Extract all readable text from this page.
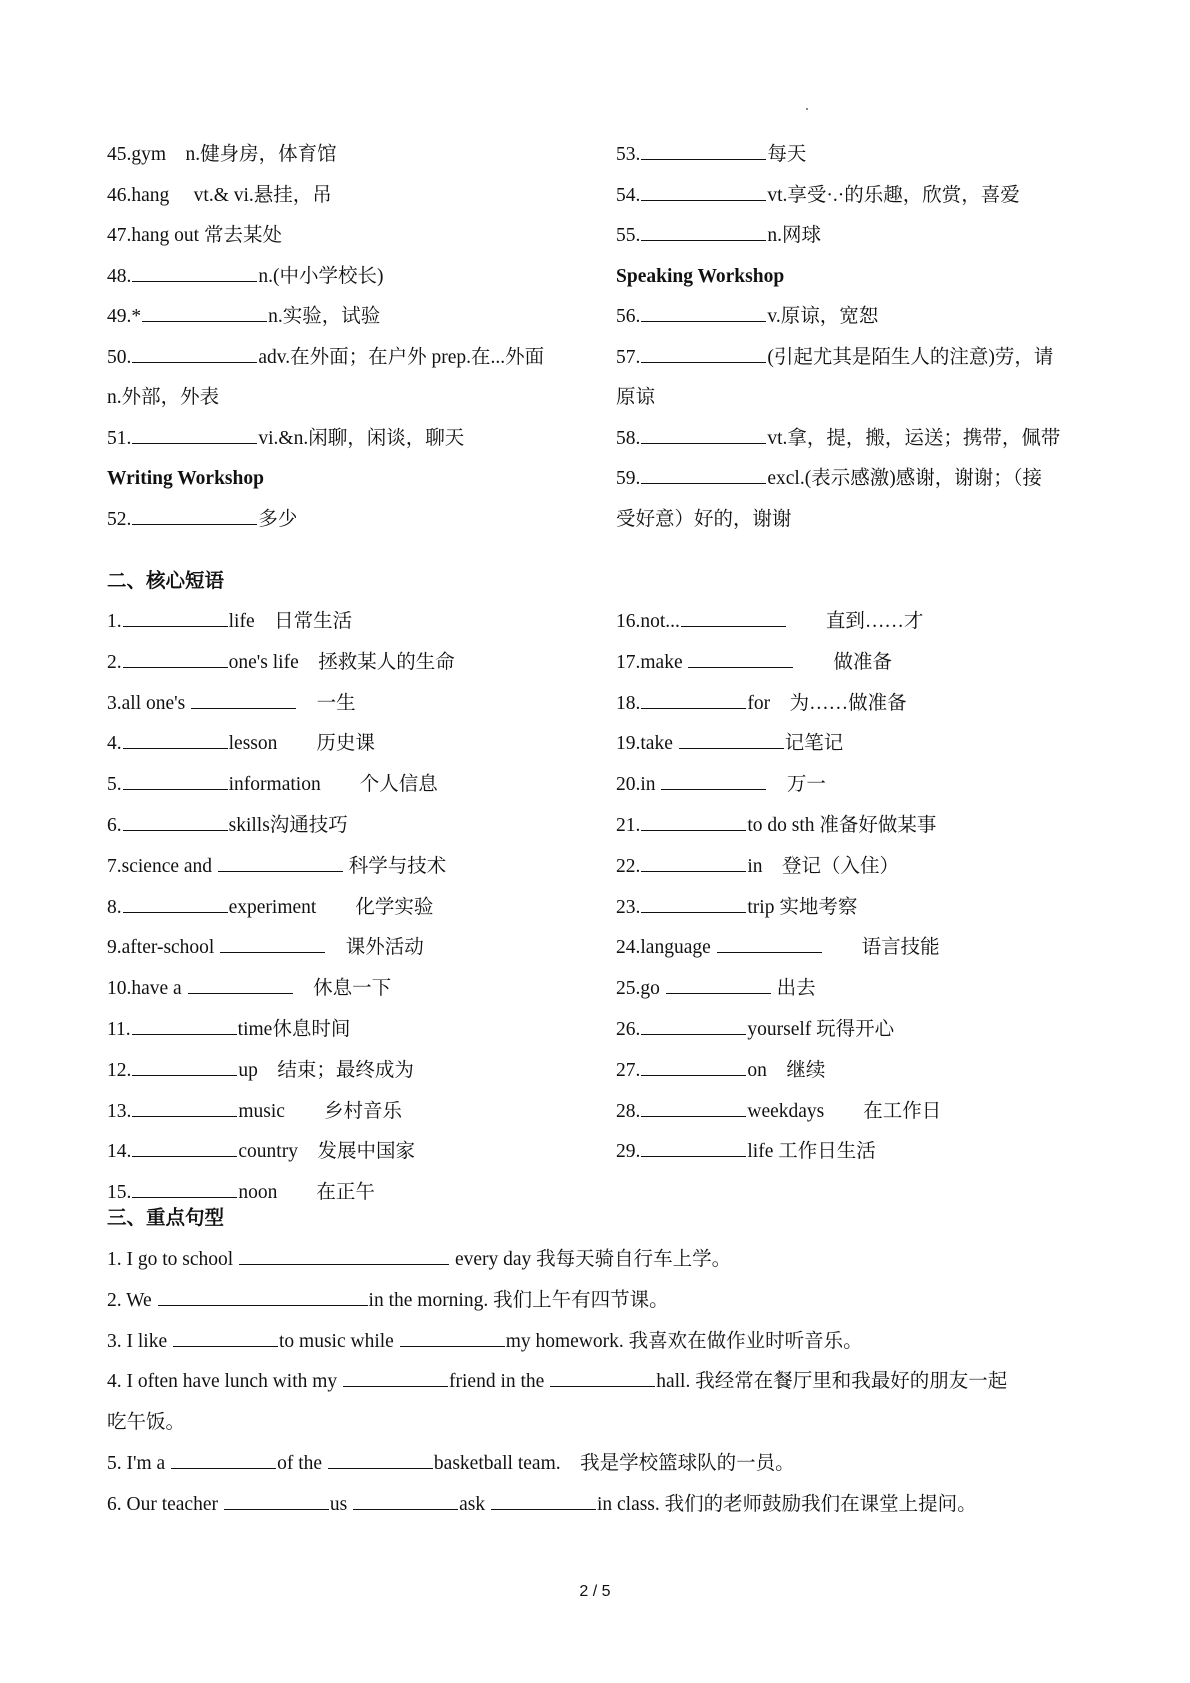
45.gym　n.健身房，体育馆
46.hang　 vt.& vi.悬挂，吊
47.hang out 常去某处
48.	n.(中小学校长)
49.*	n.实验，试验
50.	adv.在外面；在户外 prep.在...外面
n.外部，外表
51.	vi.&n.闲聊，闲谈，聊天
Writing Workshop
52.	多少
53.	每天
54.	vt.享受·.·的乐趣，欣赏，喜爱
55.	n.网球
Speaking Workshop
56.	v.原谅，宽恕
57.	(引起尤其是陌生人的注意)劳，请
原谅
58.	vt.拿，提，搬，运送；携带，佩带
59.	excl.(表示感激)感谢，谢谢；（接
受好意）好的，谢谢
二、核心短语
1.	life　日常生活
2.	one's life　拯救某人的生命
3.all one's	　一生
4.	lesson　　历史课
5.	information　　个人信息
6.	skills沟通技巧
7.science and	科学与技术
8.	experiment　　化学实验
9.after-school	　课外活动
10.have a	　休息一下
11.	time休息时间
12.	up　结束；最终成为
13.	music　　乡村音乐
14.	country　发展中国家
15.	noon　　在正午
16.not...	　　直到……才
17.make	　　做准备
18.	for　为……做准备
19.take	记笔记
20.in	　万一
21.	to do sth 准备好做某事
22.	in　登记（入住）
23.	trip 实地考察
24.language	　　语言技能
25.go	出去
26.	yourself 玩得开心
27.	on　继续
28.	weekdays　　在工作日
29.	life 工作日生活
三、重点句型
1. I go to school	every day 我每天骑自行车上学。
2. We	in the morning. 我们上午有四节课。
3. I like	to music while	my homework. 我喜欢在做作业时听音乐。
4. I often have lunch with my	friend in the	hall. 我经常在餐厅里和我最好的朋友一起
吃午饭。
5. I'm a	of the	basketball team.　我是学校篮球队的一员。
6. Our teacher	us	ask	in class. 我们的老师鼓励我们在课堂上提问。
2 / 5
